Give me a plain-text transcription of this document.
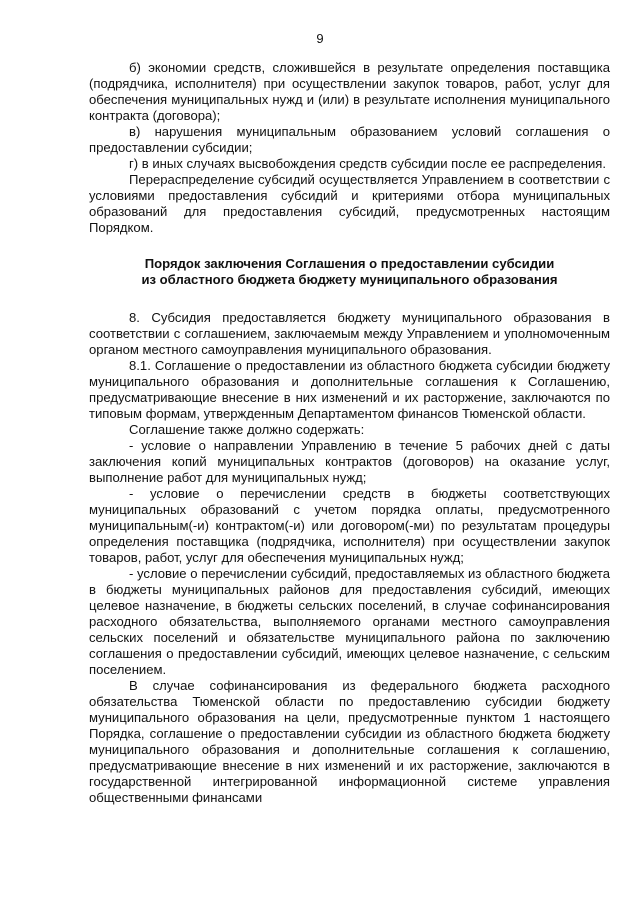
9

б) экономии средств, сложившейся в результате определения поставщика (подрядчика, исполнителя) при осуществлении закупок товаров, работ, услуг для обеспечения муниципальных нужд и (или) в результате исполнения муниципального контракта (договора);

в) нарушения муниципальным образованием условий соглашения о предоставлении субсидии;

г) в иных случаях высвобождения средств субсидии после ее распределения.

Перераспределение субсидий осуществляется Управлением в соответствии с условиями предоставления субсидий и критериями отбора муниципальных образований для предоставления субсидий, предусмотренных настоящим Порядком.

Порядок заключения Соглашения о предоставлении субсидии
из областного бюджета бюджету муниципального образования

8. Субсидия предоставляется бюджету муниципального образования в соответствии с соглашением, заключаемым между Управлением и уполномоченным органом местного самоуправления муниципального образования.

8.1. Соглашение о предоставлении из областного бюджета субсидии бюджету муниципального образования и дополнительные соглашения к Соглашению, предусматривающие внесение в них изменений и их расторжение, заключаются по типовым формам, утвержденным Департаментом финансов Тюменской области.

Соглашение также должно содержать:

- условие о направлении Управлению в течение 5 рабочих дней с даты заключения копий муниципальных контрактов (договоров) на оказание услуг, выполнение работ для муниципальных нужд;

- условие о перечислении средств в бюджеты соответствующих муниципальных образований с учетом порядка оплаты, предусмотренного муниципальным(-и) контрактом(-и) или договором(-ми) по результатам процедуры определения поставщика (подрядчика, исполнителя) при осуществлении закупок товаров, работ, услуг для обеспечения муниципальных нужд;

- условие о перечислении субсидий, предоставляемых из областного бюджета в бюджеты муниципальных районов для предоставления субсидий, имеющих целевое назначение, в бюджеты сельских поселений, в случае софинансирования расходного обязательства, выполняемого органами местного самоуправления сельских поселений и обязательстве муниципального района по заключению соглашения о предоставлении субсидий, имеющих целевое назначение, с сельским поселением.

В случае софинансирования из федерального бюджета расходного обязательства Тюменской области по предоставлению субсидии бюджету муниципального образования на цели, предусмотренные пунктом 1 настоящего Порядка, соглашение о предоставлении субсидии из областного бюджета бюджету муниципального образования и дополнительные соглашения к соглашению, предусматривающие внесение в них изменений и их расторжение, заключаются в государственной интегрированной информационной системе управления общественными финансами
